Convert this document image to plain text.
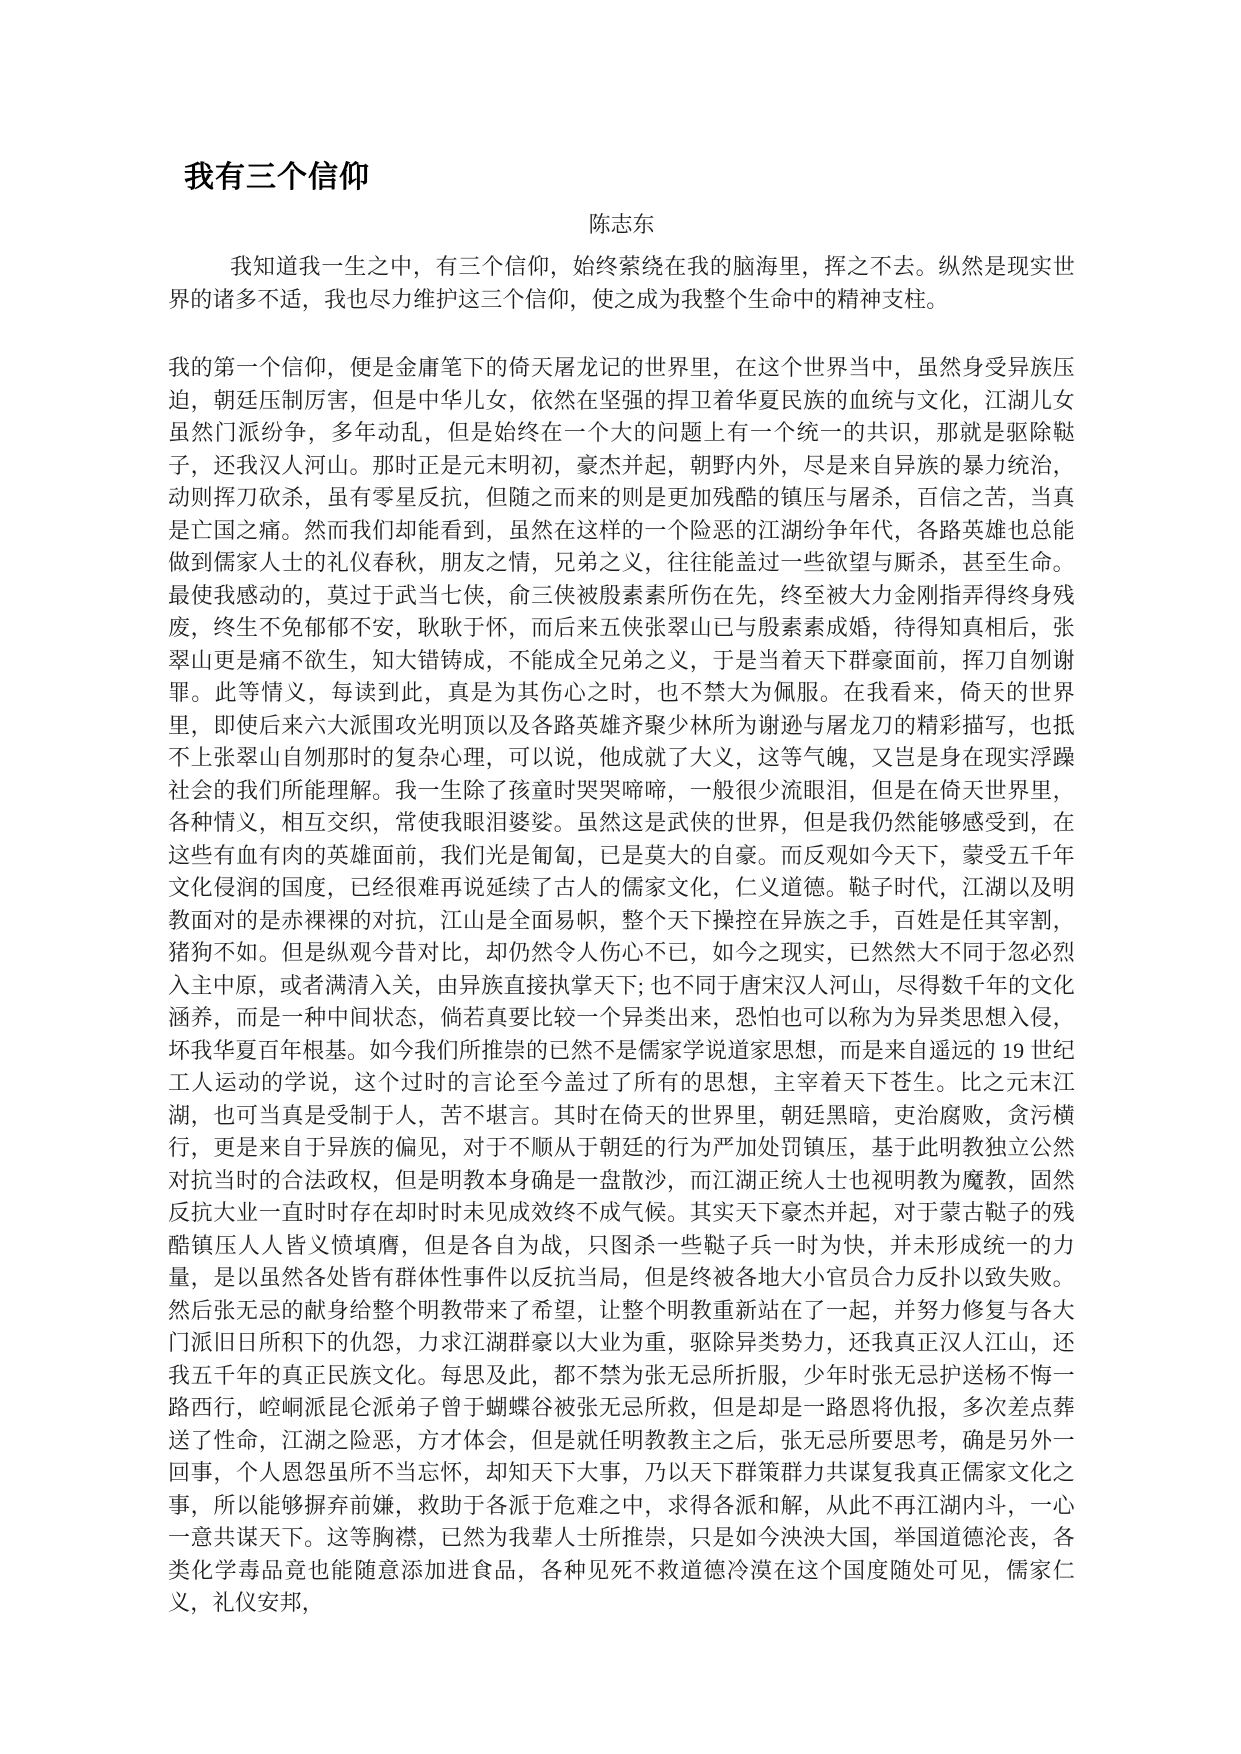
我有三个信仰
陈志东

我知道我一生之中，有三个信仰，始终萦绕在我的脑海里，挥之不去。纵然是现实世界的诸多不适，我也尽力维护这三个信仰，使之成为我整个生命中的精神支柱。

我的第一个信仰，便是金庸笔下的倚天屠龙记的世界里，在这个世界当中，虽然身受异族压迫，朝廷压制厉害，但是中华儿女，依然在坚强的捍卫着华夏民族的血统与文化，江湖儿女虽然门派纷争，多年动乱，但是始终在一个大的问题上有一个统一的共识，那就是驱除鞑子，还我汉人河山。那时正是元末明初，豪杰并起，朝野内外，尽是来自异族的暴力统治，动则挥刀砍杀，虽有零星反抗，但随之而来的则是更加残酷的镇压与屠杀，百信之苦，当真是亡国之痛。然而我们却能看到，虽然在这样的一个险恶的江湖纷争年代，各路英雄也总能做到儒家人士的礼仪春秋，朋友之情，兄弟之义，往往能盖过一些欲望与厮杀，甚至生命。最使我感动的，莫过于武当七侠，俞三侠被殷素素所伤在先，终至被大力金刚指弄得终身残废，终生不免郁郁不安，耿耿于怀，而后来五侠张翠山已与殷素素成婚，待得知真相后，张翠山更是痛不欲生，知大错铸成，不能成全兄弟之义，于是当着天下群豪面前，挥刀自刎谢罪。此等情义，每读到此，真是为其伤心之时，也不禁大为佩服。在我看来，倚天的世界里，即使后来六大派围攻光明顶以及各路英雄齐聚少林所为谢逊与屠龙刀的精彩描写，也抵不上张翠山自刎那时的复杂心理，可以说，他成就了大义，这等气魄，又岂是身在现实浮躁社会的我们所能理解。我一生除了孩童时哭哭啼啼，一般很少流眼泪，但是在倚天世界里，各种情义，相互交织，常使我眼泪婆娑。虽然这是武侠的世界，但是我仍然能够感受到，在这些有血有肉的英雄面前，我们光是匍匐，已是莫大的自豪。而反观如今天下，蒙受五千年文化侵润的国度，已经很难再说延续了古人的儒家文化，仁义道德。鞑子时代，江湖以及明教面对的是赤裸裸的对抗，江山是全面易帜，整个天下操控在异族之手，百姓是任其宰割，猪狗不如。但是纵观今昔对比，却仍然令人伤心不已，如今之现实，已然然大不同于忽必烈入主中原，或者满清入关，由异族直接执掌天下; 也不同于唐宋汉人河山，尽得数千年的文化涵养，而是一种中间状态，倘若真要比较一个异类出来，恐怕也可以称为为异类思想入侵，坏我华夏百年根基。如今我们所推崇的已然不是儒家学说道家思想，而是来自遥远的 19 世纪工人运动的学说，这个过时的言论至今盖过了所有的思想，主宰着天下苍生。比之元末江湖，也可当真是受制于人，苦不堪言。其时在倚天的世界里，朝廷黑暗，吏治腐败，贪污横行，更是来自于异族的偏见，对于不顺从于朝廷的行为严加处罚镇压，基于此明教独立公然对抗当时的合法政权，但是明教本身确是一盘散沙，而江湖正统人士也视明教为魔教，固然反抗大业一直时时存在却时时未见成效终不成气候。其实天下豪杰并起，对于蒙古鞑子的残酷镇压人人皆义愤填膺，但是各自为战，只图杀一些鞑子兵一时为快，并未形成统一的力量，是以虽然各处皆有群体性事件以反抗当局，但是终被各地大小官员合力反扑以致失败。然后张无忌的献身给整个明教带来了希望，让整个明教重新站在了一起，并努力修复与各大门派旧日所积下的仇怨，力求江湖群豪以大业为重，驱除异类势力，还我真正汉人江山，还我五千年的真正民族文化。每思及此，都不禁为张无忌所折服，少年时张无忌护送杨不悔一路西行，崆峒派昆仑派弟子曾于蝴蝶谷被张无忌所救，但是却是一路恩将仇报，多次差点葬送了性命，江湖之险恶，方才体会，但是就任明教教主之后，张无忌所要思考，确是另外一回事，个人恩怨虽所不当忘怀，却知天下大事，乃以天下群策群力共谋复我真正儒家文化之事，所以能够摒弃前嫌，救助于各派于危难之中，求得各派和解，从此不再江湖内斗，一心一意共谋天下。这等胸襟，已然为我辈人士所推崇，只是如今泱泱大国，举国道德沦丧，各类化学毒品竟也能随意添加进食品，各种见死不救道德冷漠在这个国度随处可见，儒家仁义，礼仪安邦，
